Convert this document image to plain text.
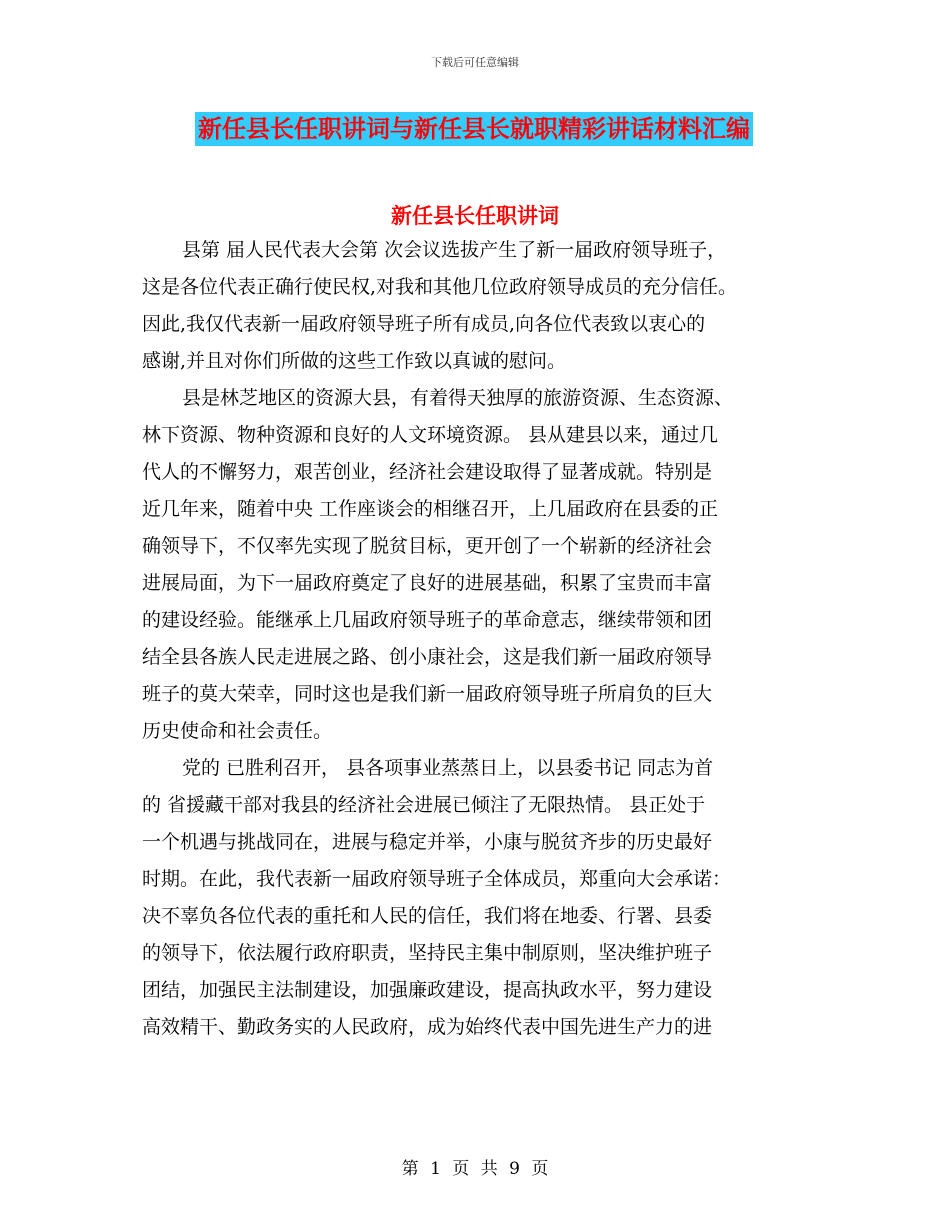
下载后可任意编辑
新任县长任职讲词与新任县长就职精彩讲话材料汇编
新任县长任职讲词
县第 届人民代表大会第 次会议选拔产生了新一届政府领导班子，
这是各位代表正确行使民权,对我和其他几位政府领导成员的充分信任。
因此,我仅代表新一届政府领导班子所有成员,向各位代表致以衷心的
感谢,并且对你们所做的这些工作致以真诚的慰问。
县是林芝地区的资源大县，有着得天独厚的旅游资源、生态资源、
林下资源、物种资源和良好的人文环境资源。 县从建县以来，通过几
代人的不懈努力，艰苦创业，经济社会建设取得了显著成就。特别是
近几年来，随着中央 工作座谈会的相继召开，上几届政府在县委的正
确领导下，不仅率先实现了脱贫目标，更开创了一个崭新的经济社会
进展局面，为下一届政府奠定了良好的进展基础，积累了宝贵而丰富
的建设经验。能继承上几届政府领导班子的革命意志，继续带领和团
结全县各族人民走进展之路、创小康社会，这是我们新一届政府领导
班子的莫大荣幸，同时这也是我们新一届政府领导班子所肩负的巨大
历史使命和社会责任。
党的 已胜利召开， 县各项事业蒸蒸日上，以县委书记 同志为首
的 省援藏干部对我县的经济社会进展已倾注了无限热情。 县正处于
一个机遇与挑战同在，进展与稳定并举，小康与脱贫齐步的历史最好
时期。在此，我代表新一届政府领导班子全体成员，郑重向大会承诺：
决不辜负各位代表的重托和人民的信任，我们将在地委、行署、县委
的领导下，依法履行政府职责，坚持民主集中制原则，坚决维护班子
团结，加强民主法制建设，加强廉政建设，提高执政水平，努力建设
高效精干、勤政务实的人民政府，成为始终代表中国先进生产力的进
第 1 页 共 9 页
